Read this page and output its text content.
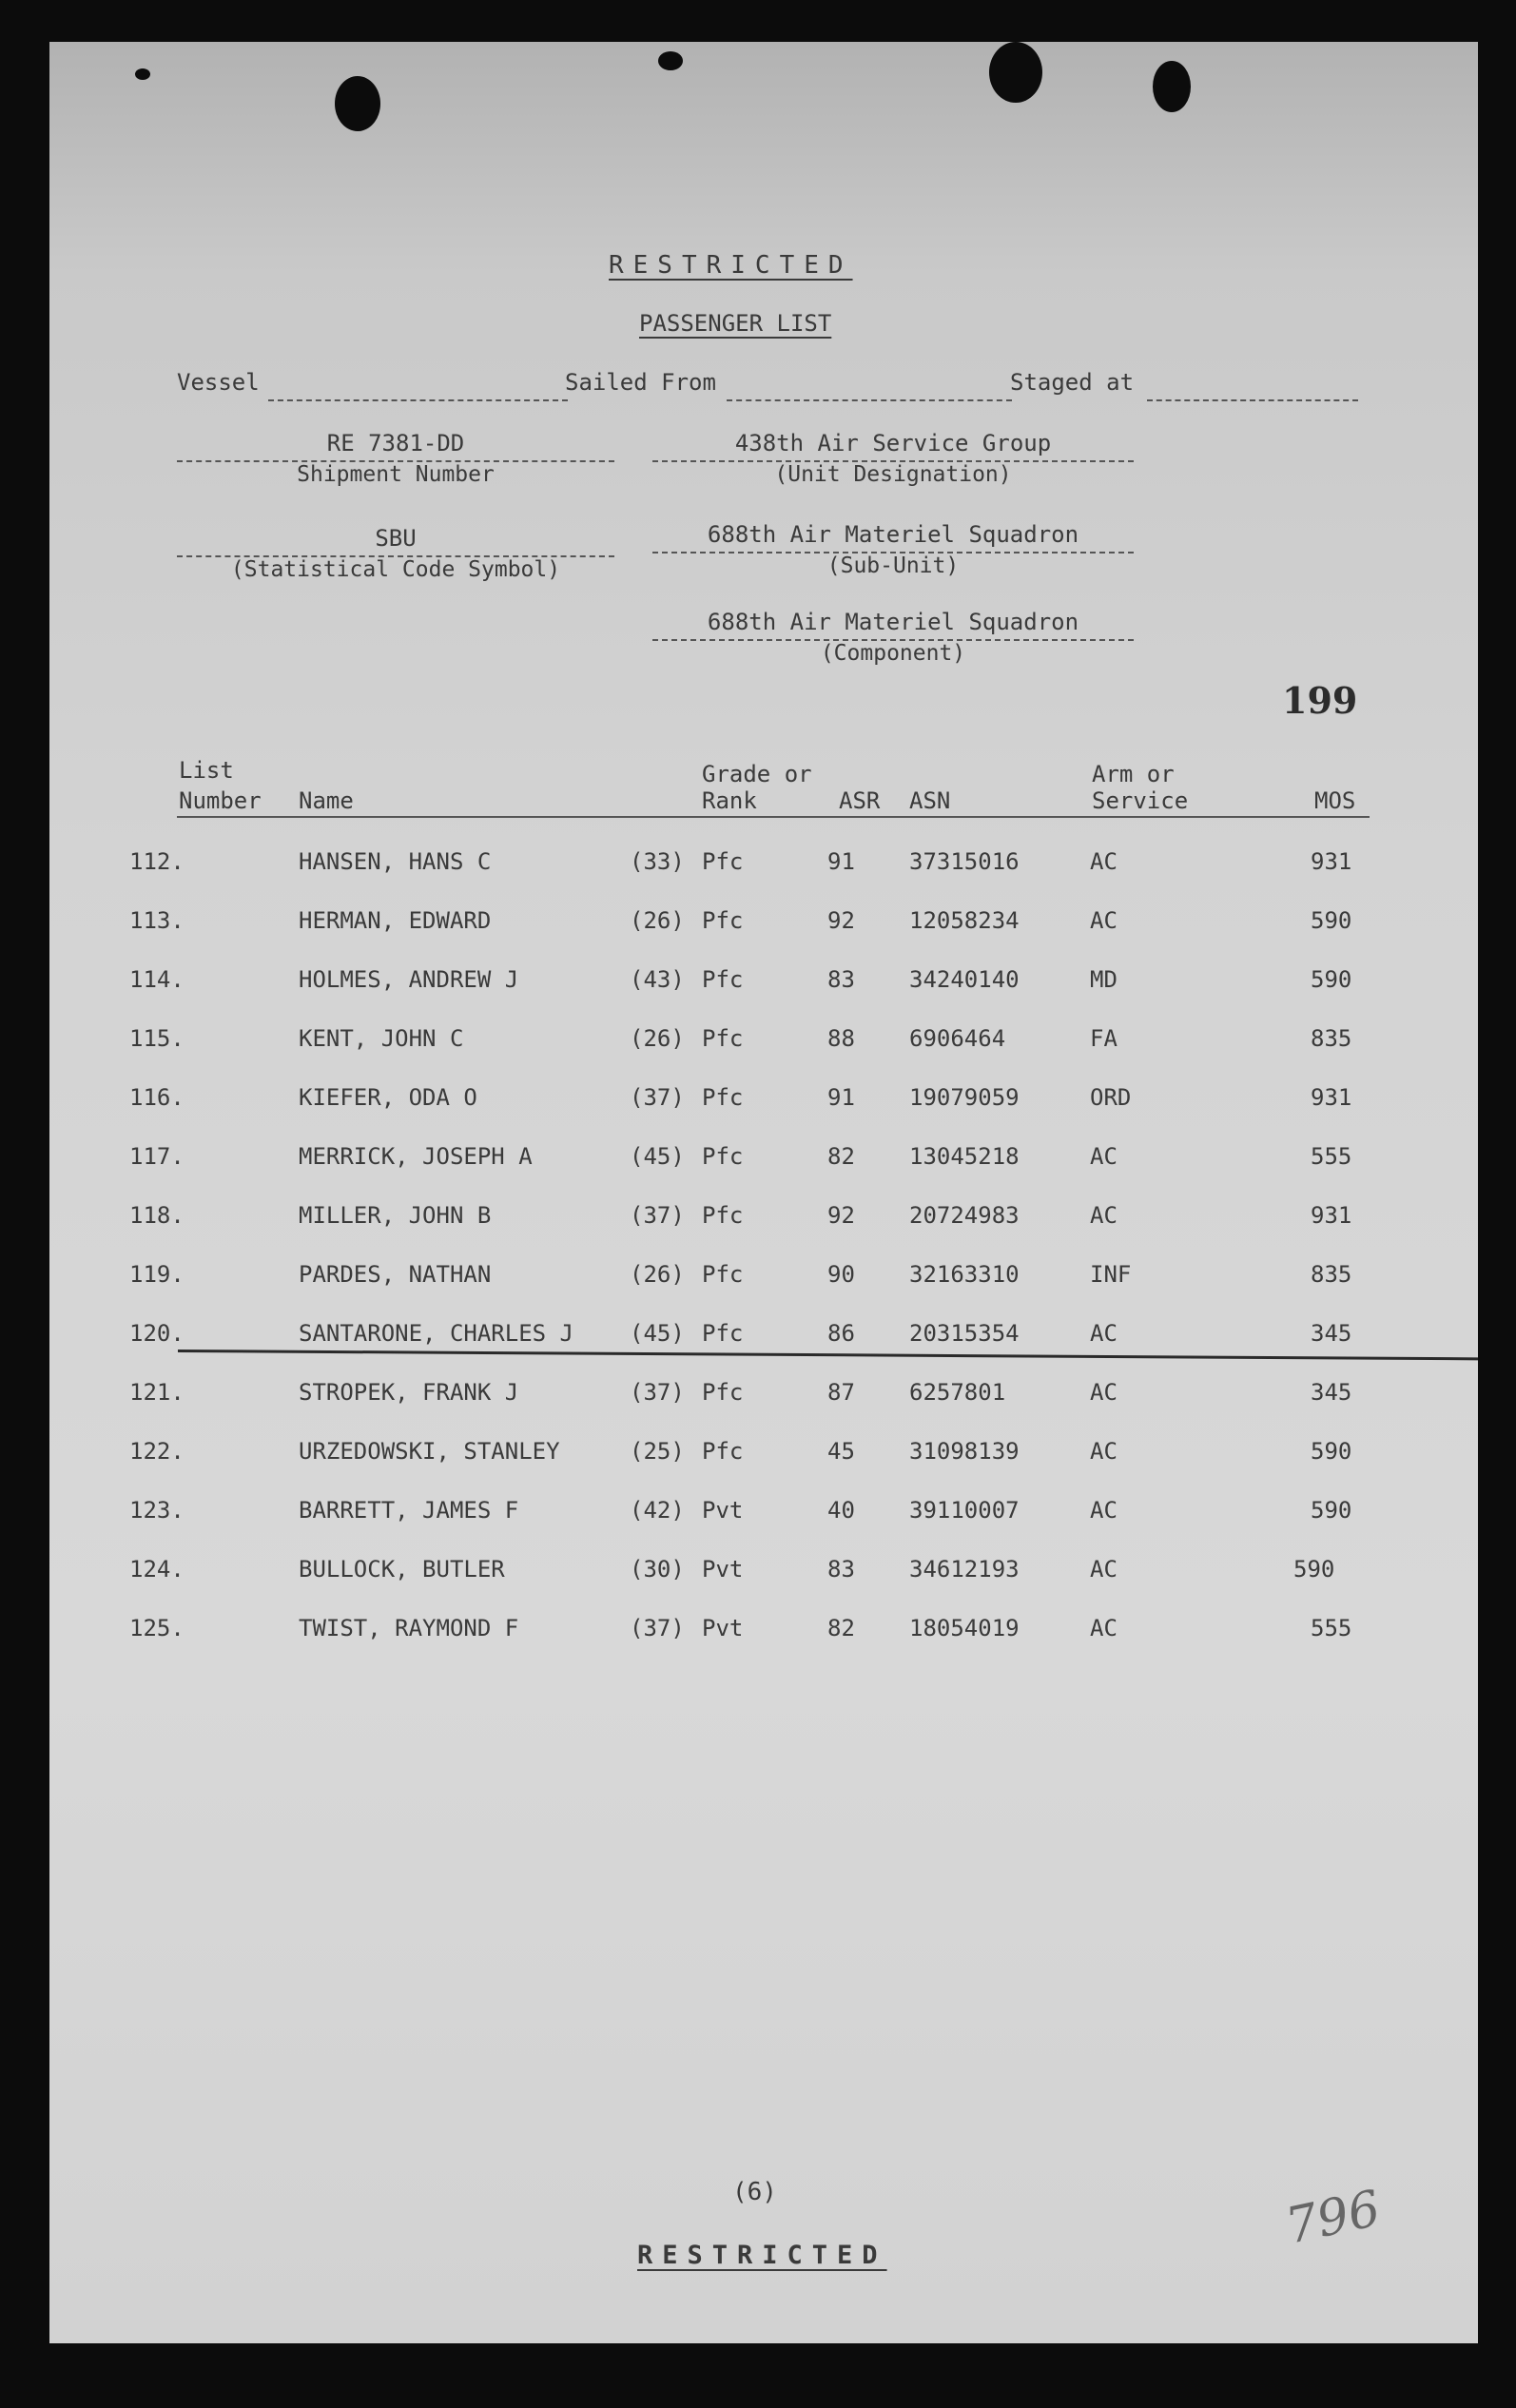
RESTRICTED
PASSENGER LIST
Vessel	Sailed From	Staged at
RE 7381-DD
Shipment Number
438th Air Service Group
(Unit Designation)
SBU
(Statistical Code Symbol)
688th Air Materiel Squadron
(Sub-Unit)
688th Air Materiel Squadron
(Component)
199
List
Number Name
Grade or
Rank	ASR ASN
Arm or
Service	MOS
112.	HANSEN, HANS C	(33) Pfc	91 37315016	AC	931
113.	HERMAN, EDWARD	(26) Pfc	92 12058234	AC	590
114.	HOLMES, ANDREW J	(43) Pfc	83 34240140	MD	590
115.	KENT, JOHN C	(26) Pfc	88 6906464	FA	835
116.	KIEFER, ODA O	(37) Pfc	91 19079059	ORD	931
117.	MERRICK, JOSEPH A	(45) Pfc	82 13045218	AC	555
118.	MILLER, JOHN B	(37) Pfc	92 20724983	AC	931
119.	PARDES, NATHAN	(26) Pfc	90 32163310	INF	835
120.	SANTARONE, CHARLES J (45) Pfc	86 20315354	AC	345
121.	STROPEK, FRANK J	(37) Pfc	87 6257801	AC	345
122.	URZEDOWSKI, STANLEY	(25) Pfc	45 31098139	AC	590
123.	BARRETT, JAMES F	(42) Pvt	40 39110007	AC	590
124.	BULLOCK, BUTLER	(30) Pvt	83 34612193	AC	590
125.	TWIST, RAYMOND F	(37) Pvt	82 18054019	AC	555
(6)
RESTRICTED	796
